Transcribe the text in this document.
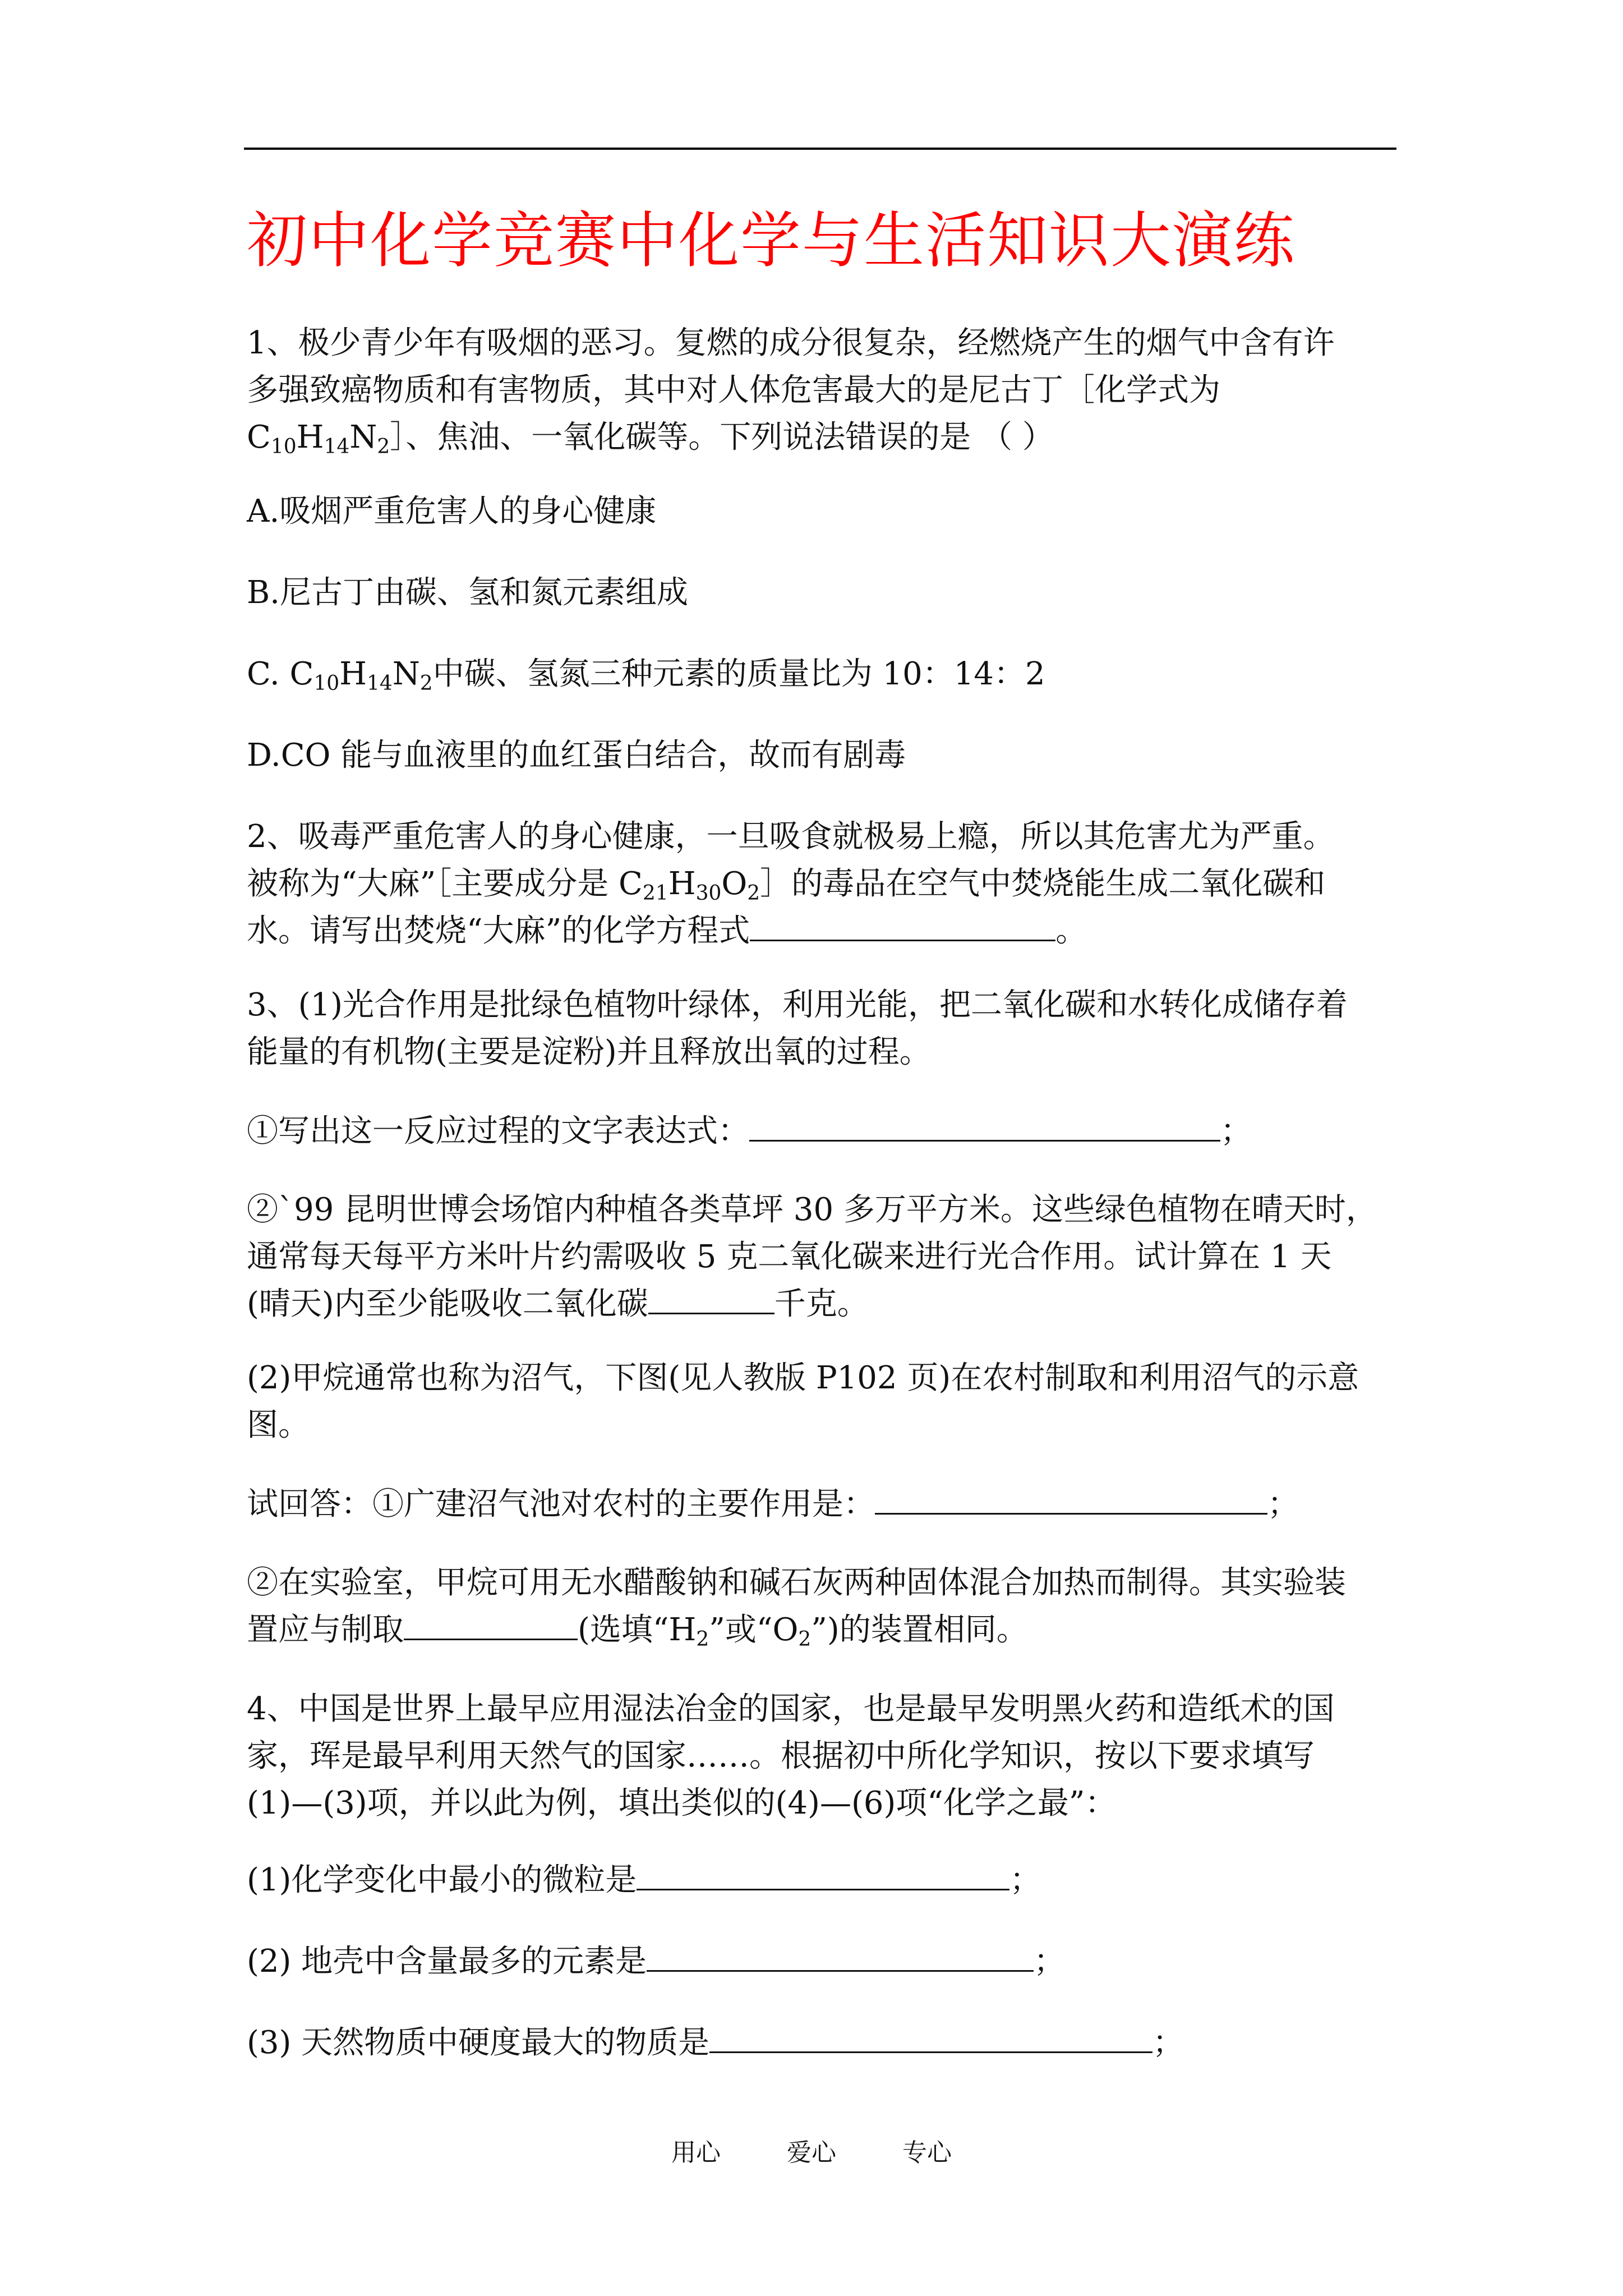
初中化学竞赛中化学与生活知识大演练
1、极少青少年有吸烟的恶习。复燃的成分很复杂，经燃烧产生的烟气中含有许
多强致癌物质和有害物质，其中对人体危害最大的是尼古丁［化学式为
$C_{10}H_{14}N_2]$、焦油、一氧化碳等。下列说法错误的是 （ ）
A.吸烟严重危害人的身心健康
B.尼古丁由碳、氢和氮元素组成
C. $C_{10}H_{14}N_2$中碳、氢氮三种元素的质量比为 10：14：2
D.CO 能与血液里的血红蛋白结合，故而有剧毒
2、吸毒严重危害人的身心健康，一旦吸食就极易上瘾，所以其危害尤为严重。
被称为“大麻”［主要成分是 $C_{21}H_{30}O_2]$的毒品在空气中焚烧能生成二氧化碳和
水。请写出焚烧“大麻”的化学方程式	。
3、(1)光合作用是批绿色植物叶绿体，利用光能，把二氧化碳和水转化成储存着
能量的有机物(主要是淀粉)并且释放出氧的过程。
①写出这一反应过程的文字表达式：	；
②`99 昆明世博会场馆内种植各类草坪 30 多万平方米。这些绿色植物在晴天时，
通常每天每平方米叶片约需吸收 5 克二氧化碳来进行光合作用。试计算在 1 天
(晴天)内至少能吸收二氧化碳	千克。
(2)甲烷通常也称为沼气，下图(见人教版 P102 页)在农村制取和利用沼气的示意
图。
试回答：①广建沼气池对农村的主要作用是：	；
②在实验室，甲烷可用无水醋酸钠和碱石灰两种固体混合加热而制得。其实验装
置应与制取	(选填“$H_2$”或“$O_2$”)的装置相同。
4、中国是世界上最早应用湿法冶金的国家，也是最早发明黑火药和造纸术的国
家，珲是最早利用天然气的国家……。根据初中所化学知识，按以下要求填写
(1)—(3)项，并以此为例，填出类似的(4)—(6)项“化学之最”：
(1)化学变化中最小的微粒是	；
(2) 地壳中含量最多的元素是	；
(3) 天然物质中硬度最大的物质是	；
用心	爱心	专心
